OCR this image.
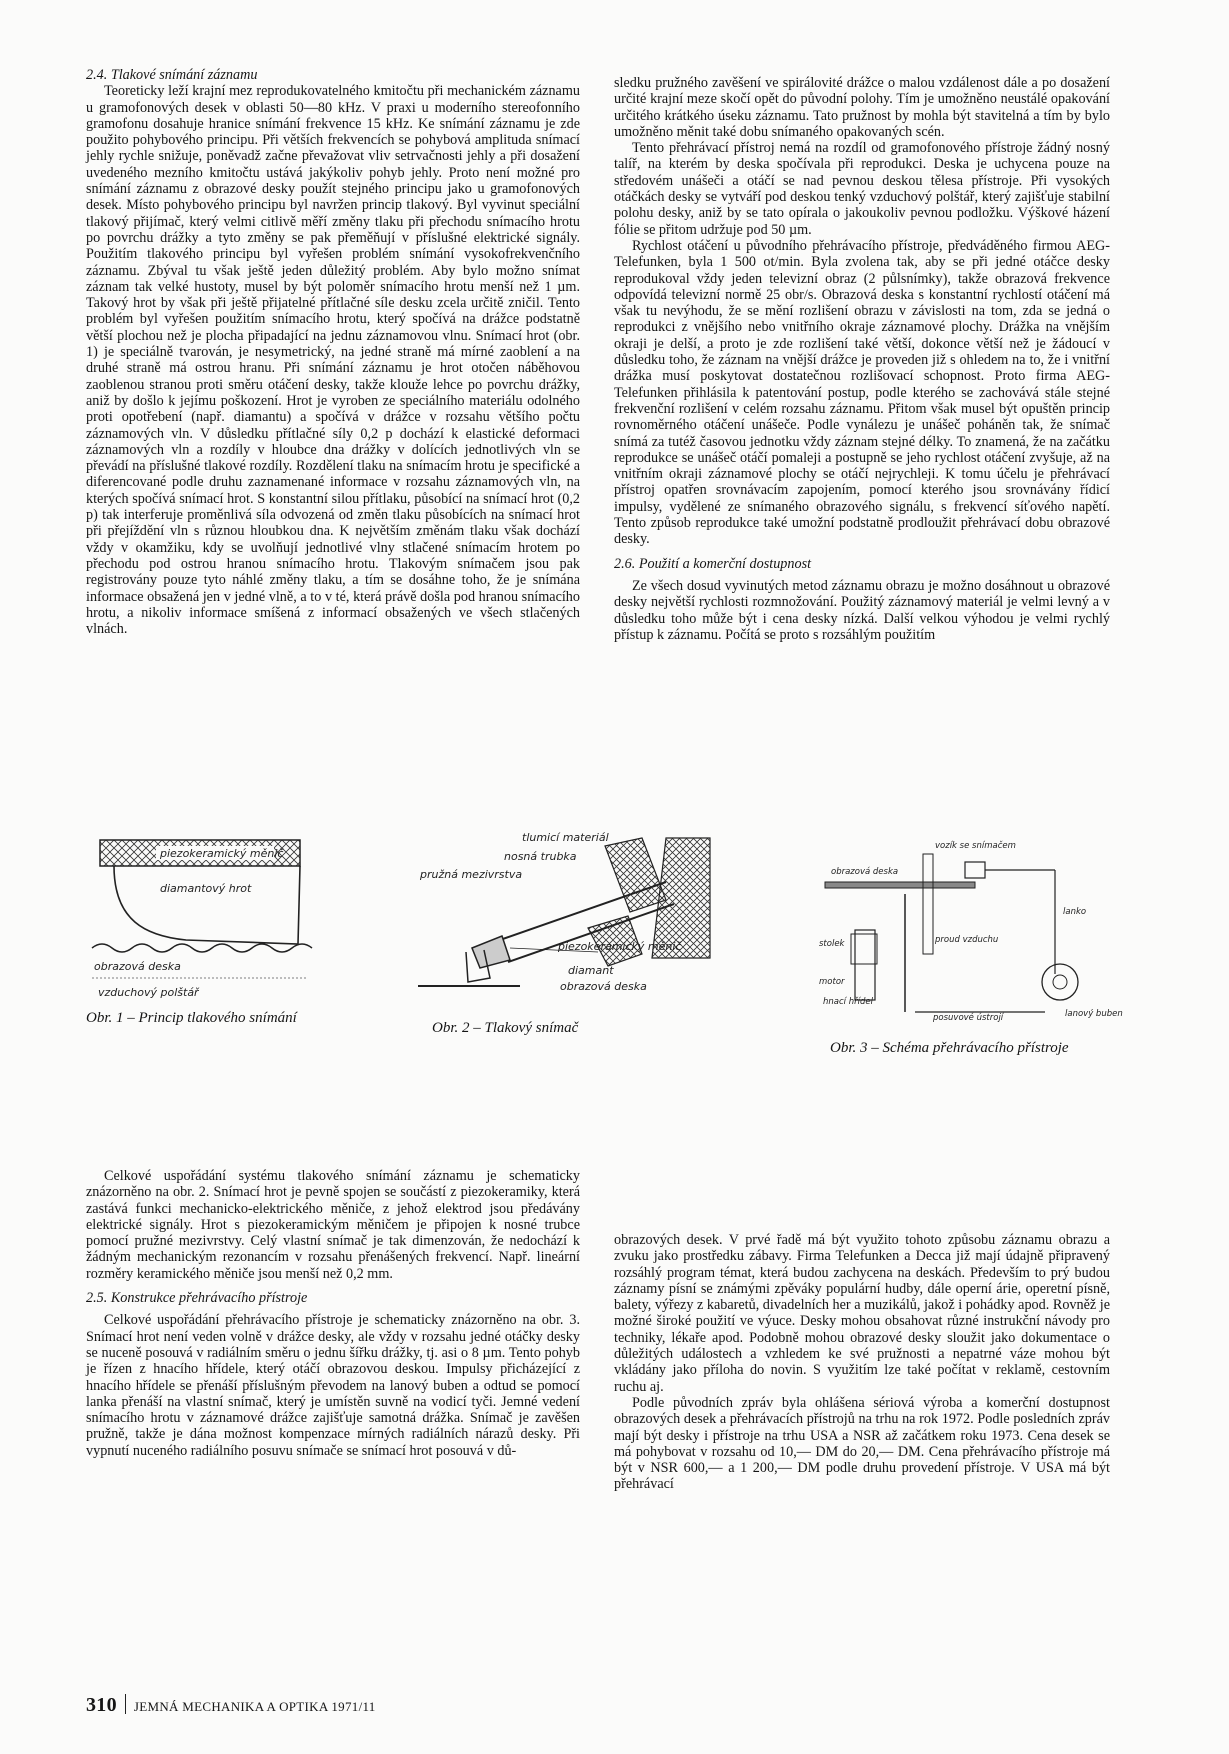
2.4. Tlakové snímání záznamu

Teoreticky leží krajní mez reprodukovatelného kmitočtu při mechanickém záznamu u gramofonových desek v oblasti 50—80 kHz. V praxi u moderního stereofonního gramofonu dosahuje hranice snímání frekvence 15 kHz. Ke snímání záznamu je zde použito pohybového principu. Při větších frekvencích se pohybová amplituda snímací jehly rychle snižuje, poněvadž začne převažovat vliv setrvačnosti jehly a při dosažení uvedeného mezního kmitočtu ustává jakýkoliv pohyb jehly. Proto není možné pro snímání záznamu z obrazové desky použít stejného principu jako u gramofonových desek. Místo pohybového principu byl navržen princip tlakový. Byl vyvinut speciální tlakový přijímač, který velmi citlivě měří změny tlaku při přechodu snímacího hrotu po povrchu drážky a tyto změny se pak přeměňují v příslušné elektrické signály. Použitím tlakového principu byl vyřešen problém snímání vysokofrekvenčního záznamu. Zbýval tu však ještě jeden důležitý problém. Aby bylo možno snímat záznam tak velké hustoty, musel by být poloměr snímacího hrotu menší než 1 µm. Takový hrot by však při ještě přijatelné přítlačné síle desku zcela určitě zničil. Tento problém byl vyřešen použitím snímacího hrotu, který spočívá na drážce podstatně větší plochou než je plocha připadající na jednu záznamovou vlnu. Snímací hrot (obr. 1) je speciálně tvarován, je nesymetrický, na jedné straně má mírné zaoblení a na druhé straně má ostrou hranu. Při snímání záznamu je hrot otočen náběhovou zaoblenou stranou proti směru otáčení desky, takže klouže lehce po povrchu drážky, aniž by došlo k jejímu poškození. Hrot je vyroben ze speciálního materiálu odolného proti opotřebení (např. diamantu) a spočívá v drážce v rozsahu většího počtu záznamových vln. V důsledku přítlačné síly 0,2 p dochází k elastické deformaci záznamových vln a rozdíly v hloubce dna drážky v dolících jednotlivých vln se převádí na příslušné tlakové rozdíly. Rozdělení tlaku na snímacím hrotu je specifické a diferencované podle druhu zaznamenané informace v rozsahu záznamových vln, na kterých spočívá snímací hrot. S konstantní silou přítlaku, působící na snímací hrot (0,2 p) tak interferuje proměnlivá síla odvozená od změn tlaku působících na snímací hrot při přejíždění vln s různou hloubkou dna. K největším změnám tlaku však dochází vždy v okamžiku, kdy se uvolňují jednotlivé vlny stlačené snímacím hrotem po přechodu pod ostrou hranou snímacího hrotu. Tlakovým snímačem jsou pak registrovány pouze tyto náhlé změny tlaku, a tím se dosáhne toho, že je snímána informace obsažená jen v jedné vlně, a to v té, která právě došla pod hranou snímacího hrotu, a nikoliv informace smíšená z informací obsažených ve všech stlačených vlnách.

sledku pružného zavěšení ve spirálovité drážce o malou vzdálenost dále a po dosažení určité krajní meze skočí opět do původní polohy. Tím je umožněno neustálé opakování určitého krátkého úseku záznamu. Tato pružnost by mohla být stavitelná a tím by bylo umožněno měnit také dobu snímaného opakovaných scén.

Tento přehrávací přístroj nemá na rozdíl od gramofonového přístroje žádný nosný talíř, na kterém by deska spočívala při reprodukci. Deska je uchycena pouze na středovém unášeči a otáčí se nad pevnou deskou tělesa přístroje. Při vysokých otáčkách desky se vytváří pod deskou tenký vzduchový polštář, který zajišťuje stabilní polohu desky, aniž by se tato opírala o jakoukoliv pevnou podložku. Výškové házení fólie se přitom udržuje pod 50 µm.

Rychlost otáčení u původního přehrávacího přístroje, předváděného firmou AEG-Telefunken, byla 1 500 ot/min. Byla zvolena tak, aby se při jedné otáčce desky reprodukoval vždy jeden televizní obraz (2 půlsnímky), takže obrazová frekvence odpovídá televizní normě 25 obr/s. Obrazová deska s konstantní rychlostí otáčení má však tu nevýhodu, že se mění rozlišení obrazu v závislosti na tom, zda se jedná o reprodukci z vnějšího nebo vnitřního okraje záznamové plochy. Drážka na vnějším okraji je delší, a proto je zde rozlišení také větší, dokonce větší než je žádoucí v důsledku toho, že záznam na vnější drážce je proveden již s ohledem na to, že i vnitřní drážka musí poskytovat dostatečnou rozlišovací schopnost. Proto firma AEG-Telefunken přihlásila k patentování postup, podle kterého se zachovává stále stejné frekvenční rozlišení v celém rozsahu záznamu. Přitom však musel být opuštěn princip rovnoměrného otáčení unášeče. Podle vynálezu je unášeč poháněn tak, že snímač snímá za tutéž časovou jednotku vždy záznam stejné délky. To znamená, že na začátku reprodukce se unášeč otáčí pomaleji a postupně se jeho rychlost otáčení zvyšuje, až na vnitřním okraji záznamové plochy se otáčí nejrychleji. K tomu účelu je přehrávací přístroj opatřen srovnávacím zapojením, pomocí kterého jsou srovnávány řídicí impulsy, vydělené ze snímaného obrazového signálu, s frekvencí síťového napětí. Tento způsob reprodukce také umožní podstatně prodloužit přehrávací dobu obrazové desky.

2.6. Použití a komerční dostupnost

Ze všech dosud vyvinutých metod záznamu obrazu je možno dosáhnout u obrazové desky největší rychlosti rozmnožování. Použitý záznamový materiál je velmi levný a v důsledku toho může být i cena desky nízká. Další velkou výhodou je velmi rychlý přístup k záznamu. Počítá se proto s rozsáhlým použitím

piezokeramický měnič
diamantový hrot
obrazová deska
vzduchový polštář
Obr. 1 – Princip tlakového snímání
tlumicí materiál
nosná trubka
pružná mezivrstva
piezokeramický měnič
diamant
obrazová deska
Obr. 2 – Tlakový snímač
vozík se snímačem
obrazová deska
lanko
stolek	proud vzduchu
motor
hnací hřídel
lanový buben
posuvové ústrojí
Obr. 3 – Schéma přehrávacího přístroje

Celkové uspořádání systému tlakového snímání záznamu je schematicky znázorněno na obr. 2. Snímací hrot je pevně spojen se součástí z piezokeramiky, která zastává funkci mechanicko-elektrického měniče, z jehož elektrod jsou předávány elektrické signály. Hrot s piezokeramickým měničem je připojen k nosné trubce pomocí pružné mezivrstvy. Celý vlastní snímač je tak dimenzován, že nedochází k žádným mechanickým rezonancím v rozsahu přenášených frekvencí. Např. lineární rozměry keramického měniče jsou menší než 0,2 mm.

2.5. Konstrukce přehrávacího přístroje

Celkové uspořádání přehrávacího přístroje je schematicky znázorněno na obr. 3. Snímací hrot není veden volně v drážce desky, ale vždy v rozsahu jedné otáčky desky se nuceně posouvá v radiálním směru o jednu šířku drážky, tj. asi o 8 µm. Tento pohyb je řízen z hnacího hřídele, který otáčí obrazovou deskou. Impulsy přicházející z hnacího hřídele se přenáší příslušným převodem na lanový buben a odtud se pomocí lanka přenáší na vlastní snímač, který je umístěn suvně na vodicí tyči. Jemné vedení snímacího hrotu v záznamové drážce zajišťuje samotná drážka. Snímač je zavěšen pružně, takže je dána možnost kompenzace mírných radiálních nárazů desky. Při vypnutí nuceného radiálního posuvu snímače se snímací hrot posouvá v dů-

obrazových desek. V prvé řadě má být využito tohoto způsobu záznamu obrazu a zvuku jako prostředku zábavy. Firma Telefunken a Decca již mají údajně připravený rozsáhlý program témat, která budou zachycena na deskách. Především to prý budou záznamy písní se známými zpěváky populární hudby, dále operní árie, operetní písně, balety, výřezy z kabaretů, divadelních her a muzikálů, jakož i pohádky apod. Rovněž je možné široké použití ve výuce. Desky mohou obsahovat různé instrukční návody pro techniky, lékaře apod. Podobně mohou obrazové desky sloužit jako dokumentace o důležitých událostech a vzhledem ke své pružnosti a nepatrné váze mohou být vkládány jako příloha do novin. S využitím lze také počítat v reklamě, cestovním ruchu aj.

Podle původních zpráv byla ohlášena sériová výroba a komerční dostupnost obrazových desek a přehrávacích přístrojů na trhu na rok 1972. Podle posledních zpráv mají být desky i přístroje na trhu USA a NSR až začátkem roku 1973. Cena desek se má pohybovat v rozsahu od 10,— DM do 20,— DM. Cena přehrávacího přístroje má být v NSR 600,— a 1 200,— DM podle druhu provedení přístroje. V USA má být přehrávací

310 JEMNÁ MECHANIKA A OPTIKA 1971/11
